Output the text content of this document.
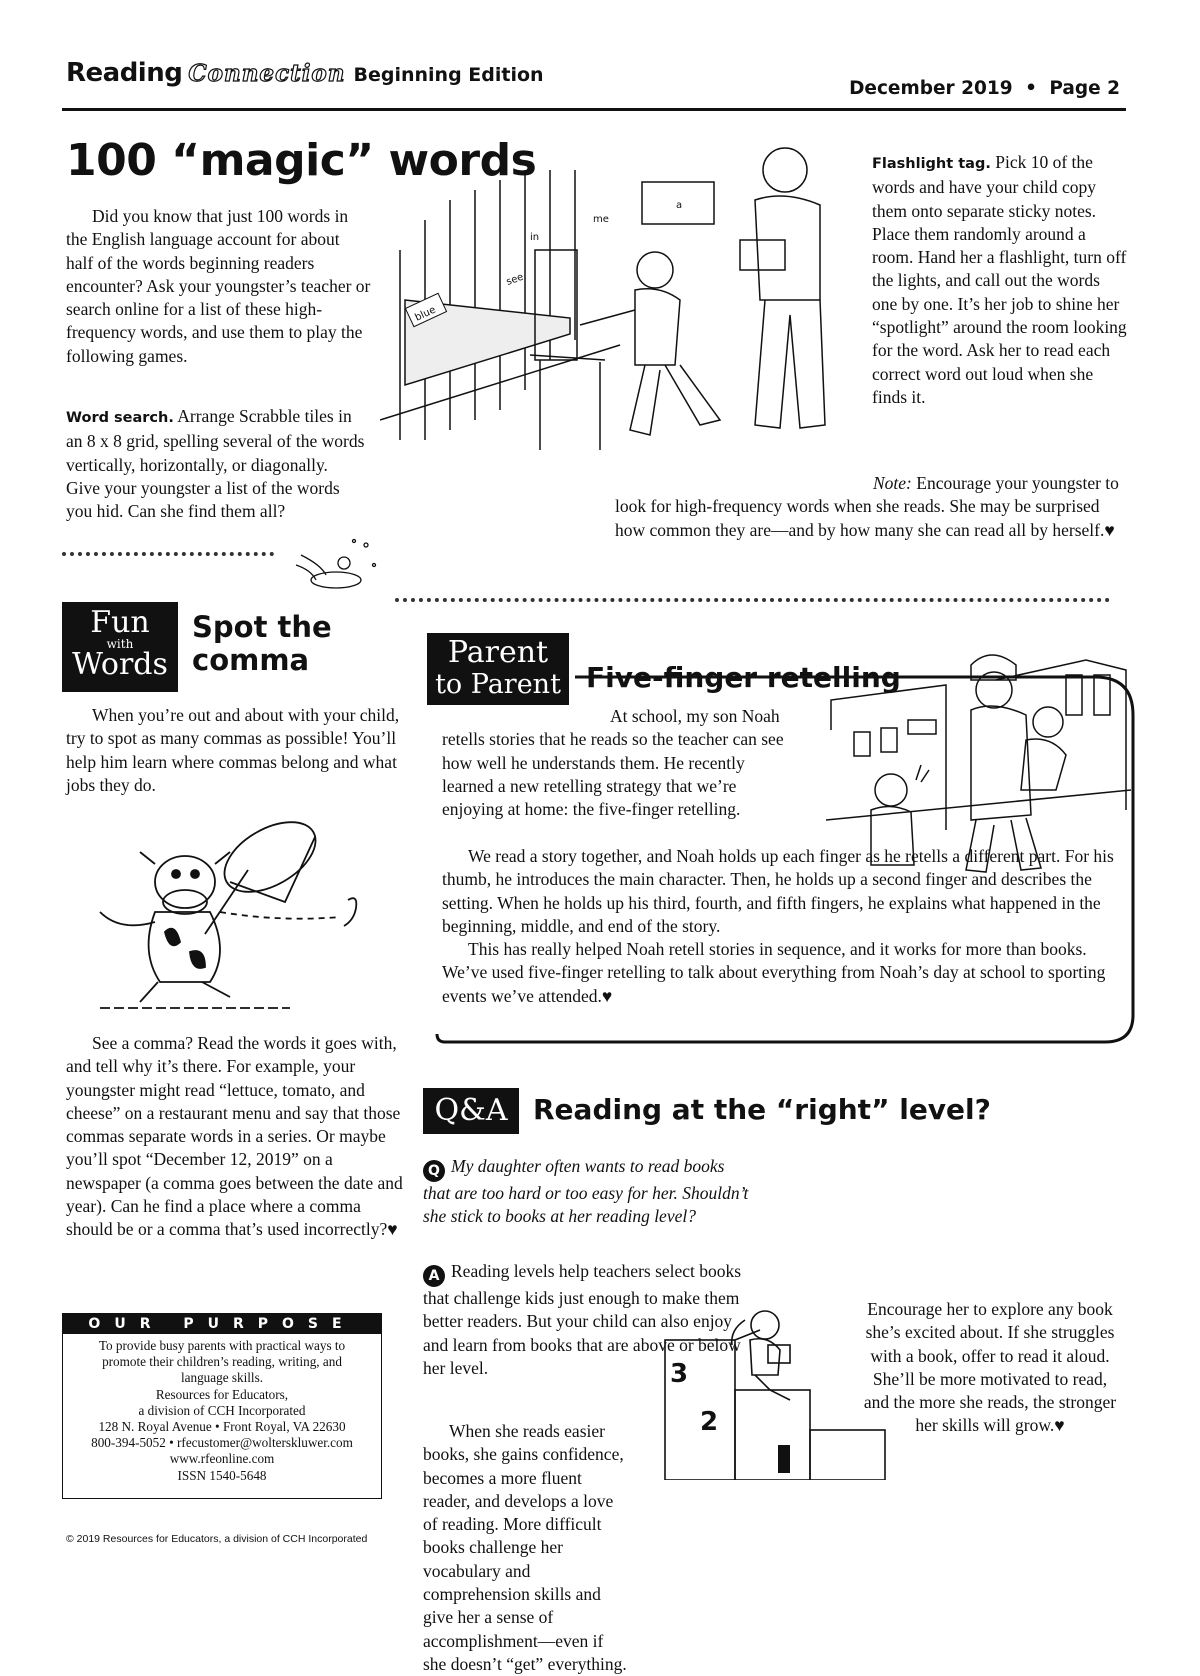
Reading Connection Beginning Edition
December 2019 • Page 2
100 “magic” words

Did you know that just 100 words in the English language account for about half of the words beginning readers encounter? Ask your youngster’s teacher or search online for a list of these high-frequency words, and use them to play the following games.

Word search. Arrange Scrabble tiles in an 8 x 8 grid, spelling several of the words vertically, horizontally, or diagonally. Give your youngster a list of the words you hid. Can she find them all?

blue
see
in
me
a

Flashlight tag. Pick 10 of the words and have your child copy them onto separate sticky notes. Place them randomly around a room. Hand her a flashlight, turn off the lights, and call out the words one by one. It’s her job to shine her “spotlight” around the room looking for the word. Ask her to read each correct word out loud when she finds it.

Note: Encourage your youngster to look for high-frequency words when she reads. She may be surprised how common they are—and by how many she can read all by herself.♥

Fun
with
Words
Spot the comma

When you’re out and about with your child, try to spot as many commas as possible! You’ll help him learn where commas belong and what jobs they do.

See a comma? Read the words it goes with, and tell why it’s there. For example, your youngster might read “lettuce, tomato, and cheese” on a restaurant menu and say that those commas separate words in a series. Or maybe you’ll spot “December 12, 2019” on a newspaper (a comma goes between the date and year). Can he find a place where a comma should be or a comma that’s used incorrectly?♥

OUR PURPOSE

To provide busy parents with practical ways to promote their children’s reading, writing, and language skills.

Resources for Educators,

a division of CCH Incorporated

128 N. Royal Avenue • Front Royal, VA 22630

800-394-5052 • rfecustomer@wolterskluwer.com

www.rfeonline.com

ISSN 1540-5648

Parent
to Parent Five-finger retelling

At school, my son Noah retells stories that he reads so the teacher can see how well he understands them. He recently learned a new retelling strategy that we’re enjoying at home: the five-finger retelling.

We read a story together, and Noah holds up each finger as he retells a different part. For his thumb, he introduces the main character. Then, he holds up a second finger and describes the setting. When he holds up his third, fourth, and fifth fingers, he explains what happened in the beginning, middle, and end of the story.

This has really helped Noah retell stories in sequence, and it works for more than books. We’ve used five-finger retelling to talk about everything from Noah’s day at school to sporting events we’ve attended.♥

Q&A Reading at the “right” level?

Q My daughter often wants to read books that are too hard or too easy for her. Shouldn’t she stick to books at her reading level?

A Reading levels help teachers select books that challenge kids just enough to make them better readers. But your child can also enjoy and learn from books that are above or below her level.

When she reads easier books, she gains confidence, becomes a more fluent reader, and develops a love of reading. More difficult books challenge her vocabulary and comprehension skills and give her a sense of accomplishment—even if she doesn’t “get” everything.

3
2

Encourage her to explore any book she’s excited about. If she struggles with a book, offer to read it aloud. She’ll be more motivated to read, and the more she reads, the stronger her skills will grow.♥

© 2019 Resources for Educators, a division of CCH Incorporated
